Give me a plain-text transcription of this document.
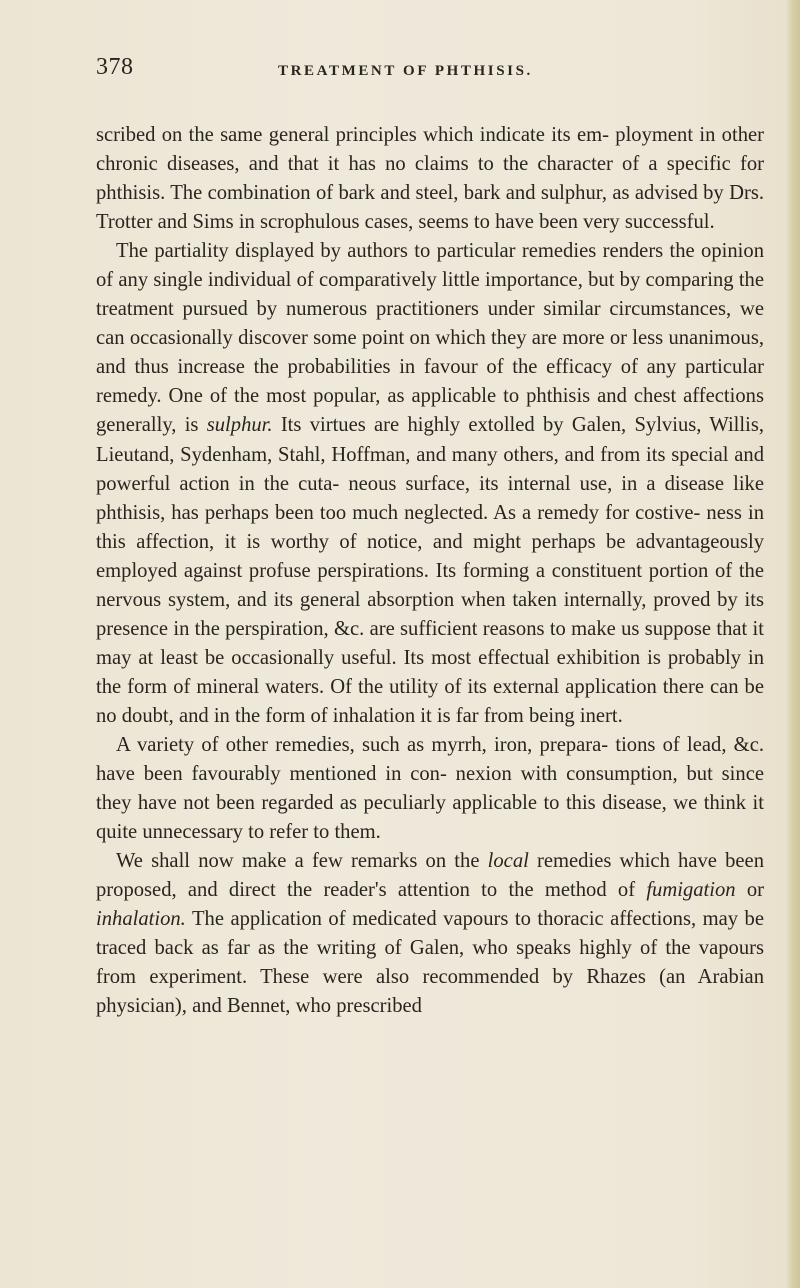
378	TREATMENT OF PHTHISIS.

scribed on the same general principles which indicate its em- ployment in other chronic diseases, and that it has no claims to the character of a specific for phthisis. The combination of bark and steel, bark and sulphur, as advised by Drs. Trotter and Sims in scrophulous cases, seems to have been very successful.

The partiality displayed by authors to particular remedies renders the opinion of any single individual of comparatively little importance, but by comparing the treatment pursued by numerous practitioners under similar circumstances, we can occasionally discover some point on which they are more or less unanimous, and thus increase the probabilities in favour of the efficacy of any particular remedy. One of the most popular, as applicable to phthisis and chest affections generally, is sulphur. Its virtues are highly extolled by Galen, Sylvius, Willis, Lieutand, Sydenham, Stahl, Hoffman, and many others, and from its special and powerful action in the cuta- neous surface, its internal use, in a disease like phthisis, has perhaps been too much neglected. As a remedy for costive- ness in this affection, it is worthy of notice, and might perhaps be advantageously employed against profuse perspirations. Its forming a constituent portion of the nervous system, and its general absorption when taken internally, proved by its presence in the perspiration, &c. are sufficient reasons to make us suppose that it may at least be occasionally useful. Its most effectual exhibition is probably in the form of mineral waters. Of the utility of its external application there can be no doubt, and in the form of inhalation it is far from being inert.

A variety of other remedies, such as myrrh, iron, prepara- tions of lead, &c. have been favourably mentioned in con- nexion with consumption, but since they have not been regarded as peculiarly applicable to this disease, we think it quite unnecessary to refer to them.

We shall now make a few remarks on the local remedies which have been proposed, and direct the reader's attention to the method of fumigation or inhalation. The application of medicated vapours to thoracic affections, may be traced back as far as the writing of Galen, who speaks highly of the vapours from experiment. These were also recommended by Rhazes (an Arabian physician), and Bennet, who prescribed
